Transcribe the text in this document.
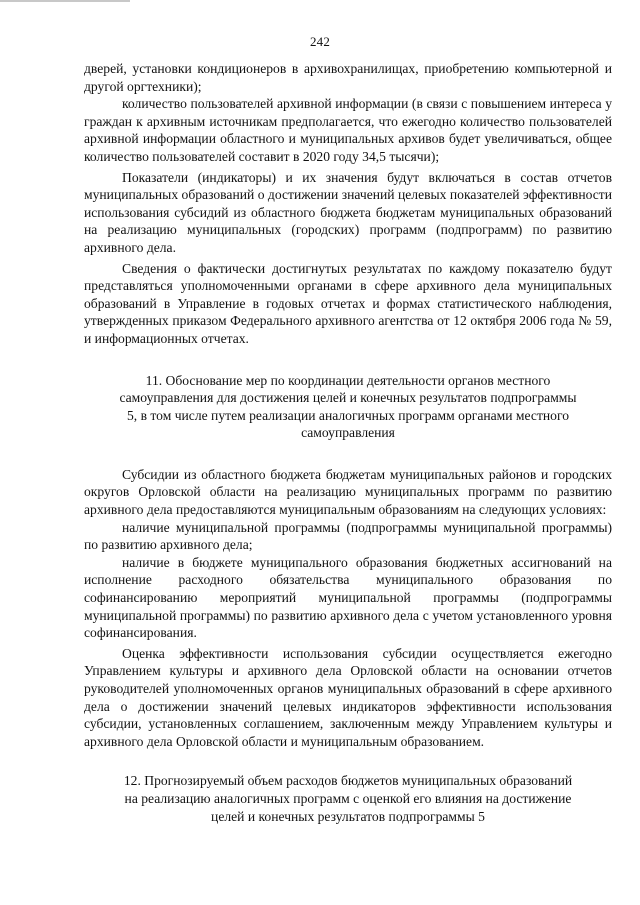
242

дверей, установки кондиционеров в архивохранилищах, приобретению компьютерной и другой оргтехники);

количество пользователей архивной информации (в связи с повышением интереса у граждан к архивным источникам предполагается, что ежегодно количество пользователей архивной информации областного и муниципальных архивов будет увеличиваться, общее количество пользователей составит в 2020 году 34,5 тысячи);

Показатели (индикаторы) и их значения будут включаться в состав отчетов муниципальных образований о достижении значений целевых показателей эффективности использования субсидий из областного бюджета бюджетам муниципальных образований на реализацию муниципальных (городских) программ (подпрограмм) по развитию архивного дела.

Сведения о фактически достигнутых результатах по каждому показателю будут представляться уполномоченными органами в сфере архивного дела муниципальных образований в Управление в годовых отчетах и формах статистического наблюдения, утвержденных приказом Федерального архивного агентства от 12 октября 2006 года № 59, и информационных отчетах.

11. Обоснование мер по координации деятельности органов местного самоуправления для достижения целей и конечных результатов подпрограммы 5, в том числе путем реализации аналогичных программ органами местного самоуправления

Субсидии из областного бюджета бюджетам муниципальных районов и городских округов Орловской области на реализацию муниципальных программ по развитию архивного дела предоставляются муниципальным образованиям на следующих условиях:

наличие муниципальной программы (подпрограммы муниципальной программы) по развитию архивного дела;

наличие в бюджете муниципального образования бюджетных ассигнований на исполнение расходного обязательства муниципального образования по софинансированию мероприятий муниципальной программы (подпрограммы муниципальной программы) по развитию архивного дела с учетом установленного уровня софинансирования.

Оценка эффективности использования субсидии осуществляется ежегодно Управлением культуры и архивного дела Орловской области на основании отчетов руководителей уполномоченных органов муниципальных образований в сфере архивного дела о достижении значений целевых индикаторов эффективности использования субсидии, установленных соглашением, заключенным между Управлением культуры и архивного дела Орловской области и муниципальным образованием.

12. Прогнозируемый объем расходов бюджетов муниципальных образований на реализацию аналогичных программ с оценкой его влияния на достижение целей и конечных результатов подпрограммы 5
